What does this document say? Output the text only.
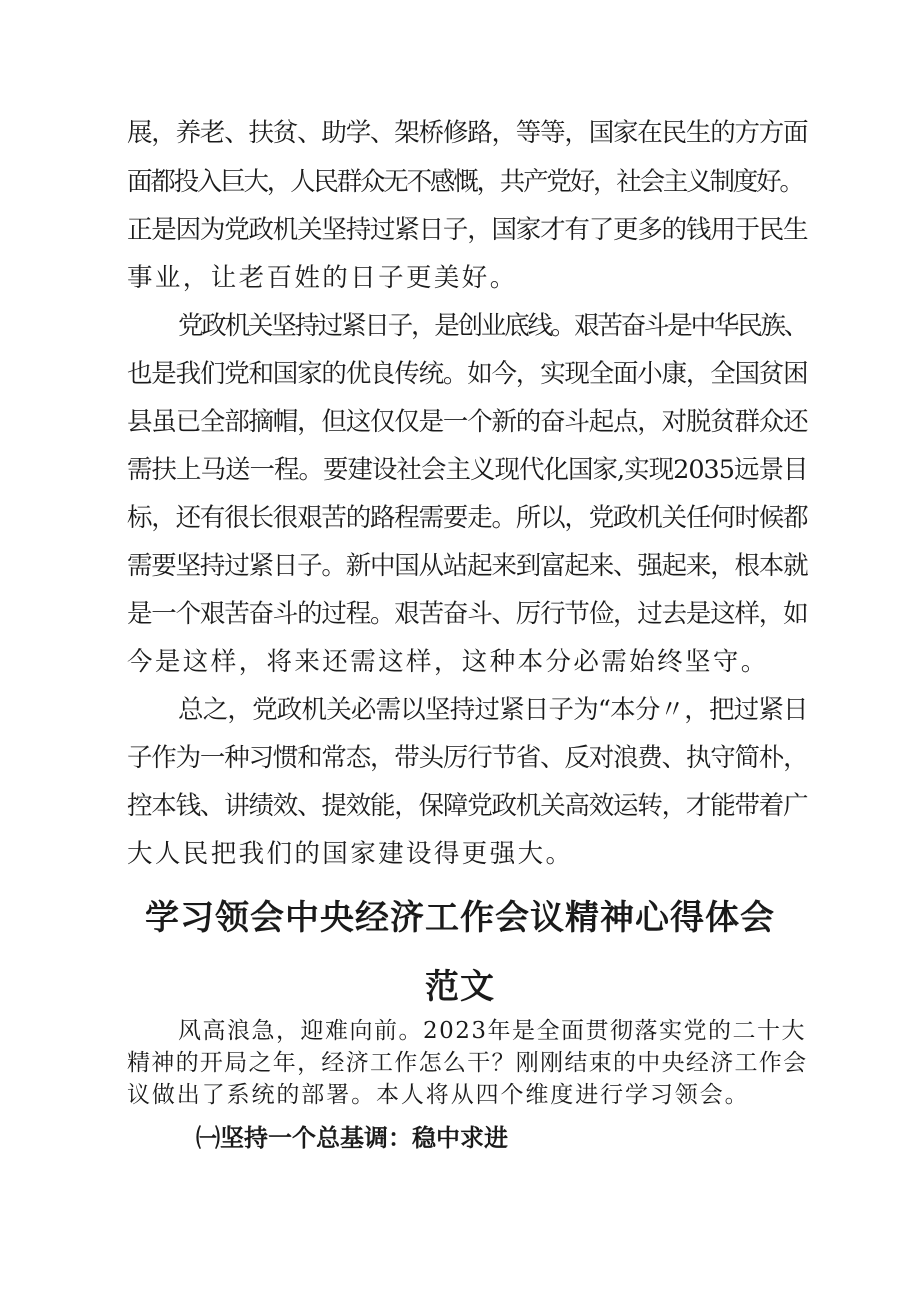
展，养老、扶贫、助学、架桥修路，等等，国家在民生的方方面

面都投入巨大，人民群众无不感慨，共产党好，社会主义制度好。

正是因为党政机关坚持过紧日子，国家才有了更多的钱用于民生

事业，让老百姓的日子更美好。

党政机关坚持过紧日子，是创业底线。艰苦奋斗是中华民族、

也是我们党和国家的优良传统。如今，实现全面小康，全国贫困

县虽已全部摘帽，但这仅仅是一个新的奋斗起点，对脱贫群众还

需扶上马送一程。要建设社会主义现代化国家,实现2035远景目

标，还有很长很艰苦的路程需要走。所以，党政机关任何时候都

需要坚持过紧日子。新中国从站起来到富起来、强起来，根本就

是一个艰苦奋斗的过程。艰苦奋斗、厉行节俭，过去是这样，如

今是这样，将来还需这样，这种本分必需始终坚守。

总之，党政机关必需以坚持过紧日子为“本分〃，把过紧日

子作为一种习惯和常态，带头厉行节省、反对浪费、执守简朴，

控本钱、讲绩效、提效能，保障党政机关高效运转，才能带着广

大人民把我们的国家建设得更强大。

学习领会中央经济工作会议精神心得体会
范文

风高浪急，迎难向前。2023年是全面贯彻落实党的二十大

精神的开局之年，经济工作怎么干？刚刚结束的中央经济工作会

议做出了系统的部署。本人将从四个维度进行学习领会。

㈠坚持一个总基调：稳中求进
